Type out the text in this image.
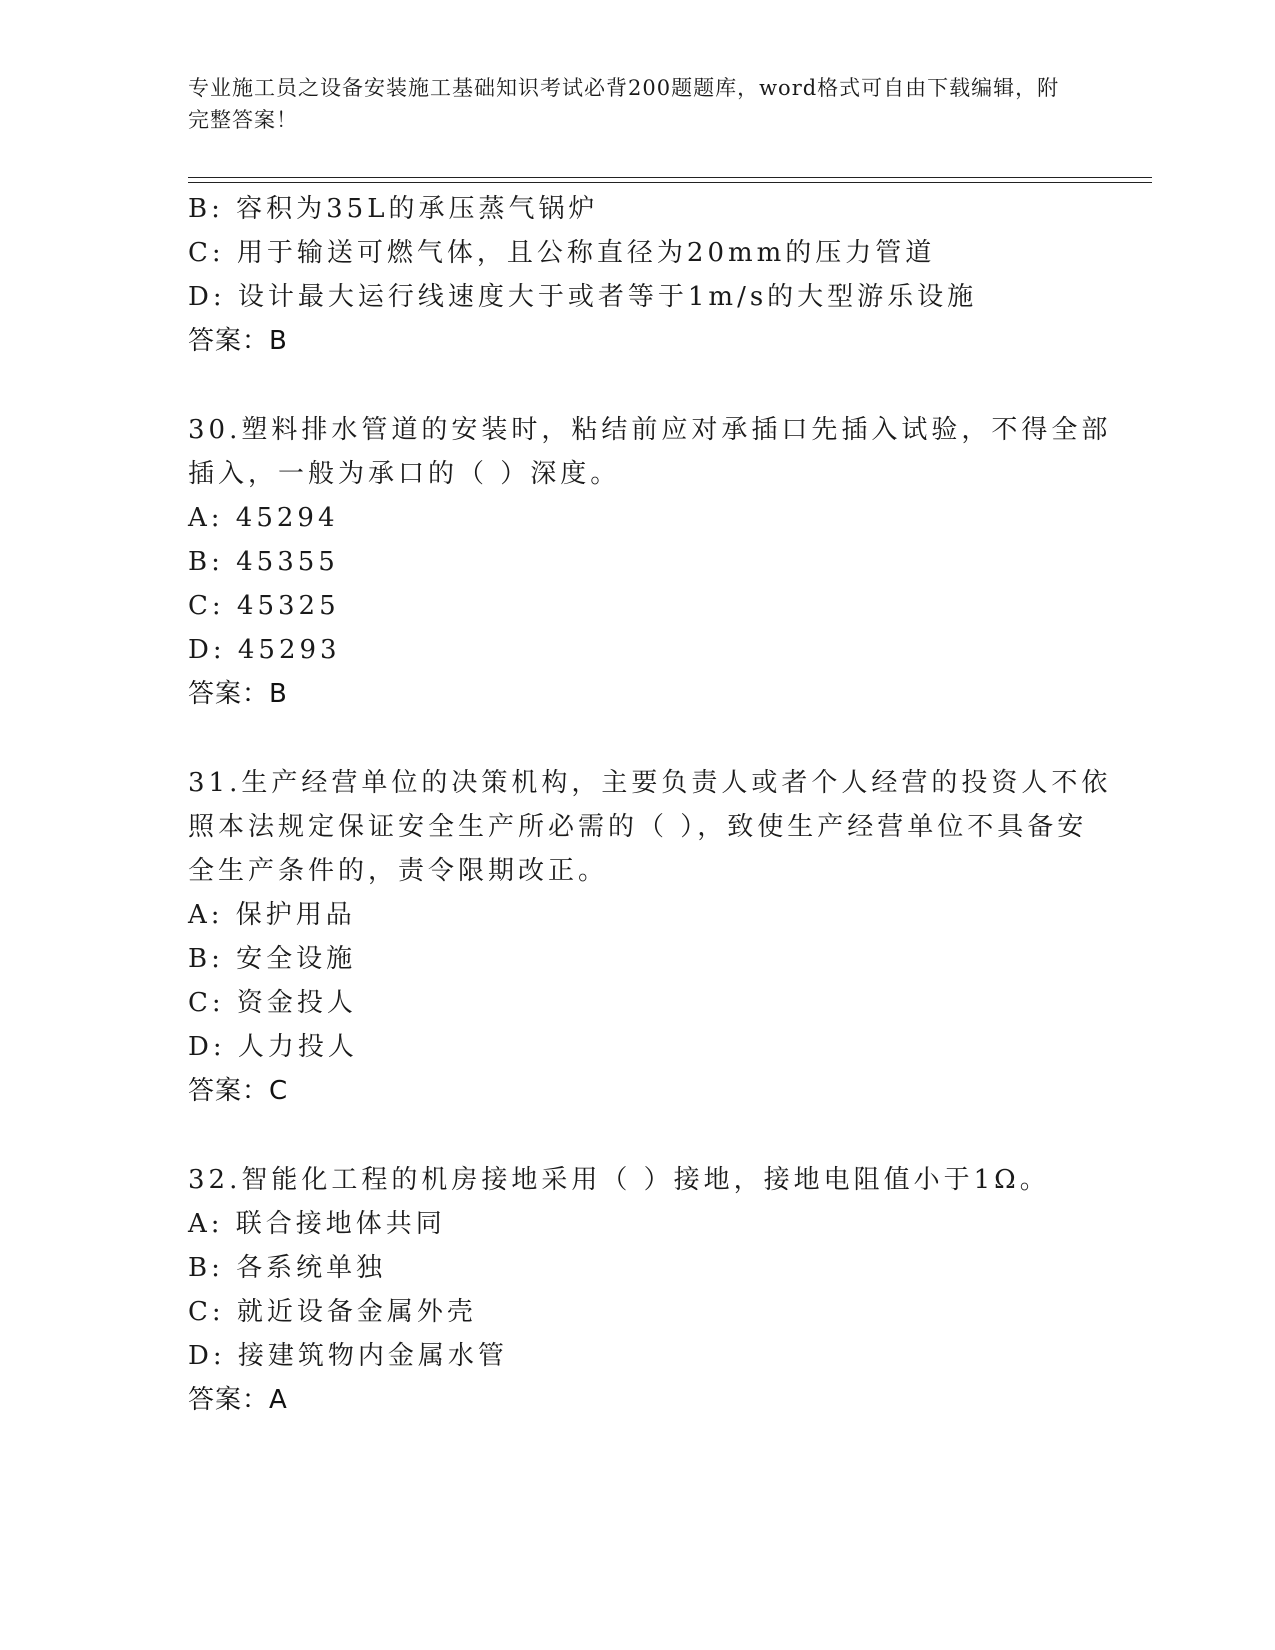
专业施工员之设备安装施工基础知识考试必背200题题库，word格式可自由下载编辑，附完整答案！
B: 容积为35L的承压蒸气锅炉
C: 用于输送可燃气体，且公称直径为20mm的压力管道
D: 设计最大运行线速度大于或者等于1m/s的大型游乐设施
答案：B
30.塑料排水管道的安装时，粘结前应对承插口先插入试验，不得全部
插入，一般为承口的（ ）深度。
A: 45294
B: 45355
C: 45325
D: 45293
答案：B
31.生产经营单位的决策机构，主要负责人或者个人经营的投资人不依
照本法规定保证安全生产所必需的（ ），致使生产经营单位不具备安
全生产条件的，责令限期改正。
A: 保护用品
B: 安全设施
C: 资金投人
D: 人力投人
答案：C
32.智能化工程的机房接地采用（ ）接地，接地电阻值小于1Ω。
A: 联合接地体共同
B: 各系统单独
C: 就近设备金属外壳
D: 接建筑物内金属水管
答案：A
